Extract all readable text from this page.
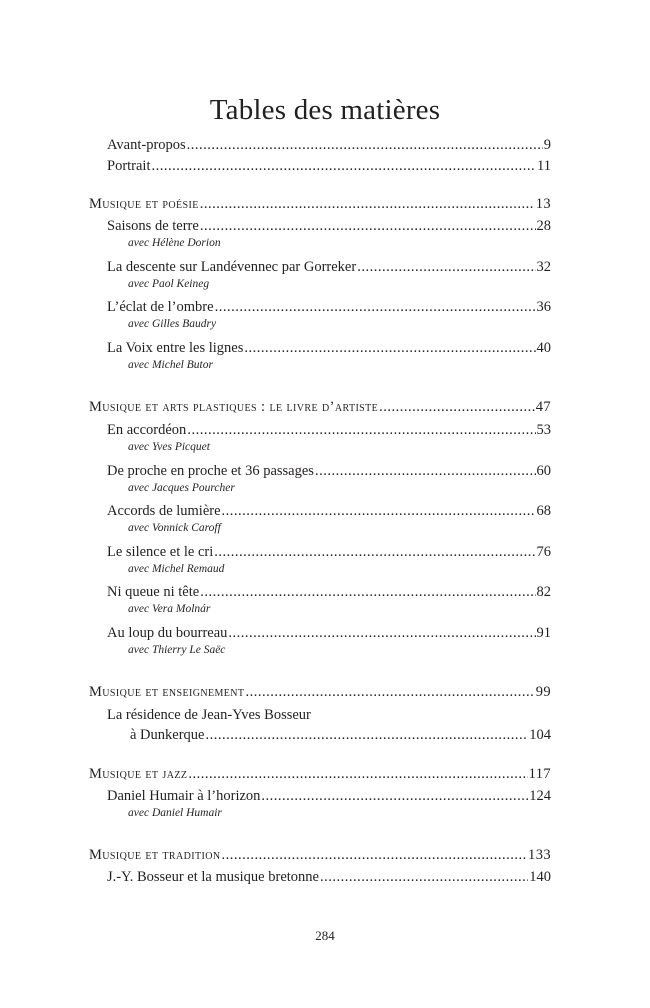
Tables des matières
Avant-propos .....	9
Portrait .....	11
Musique et poésie .....	13
Saisons de terre .....	28
avec Hélène Dorion
La descente sur Landévennec par Gorreker .....	32
avec Paol Keineg
L’éclat de l’ombre .....	36
avec Gilles Baudry
La Voix entre les lignes .....	40
avec Michel Butor
Musique et arts plastiques : le livre d’artiste .....	47
En accordéon .....	53
avec Yves Picquet
De proche en proche et 36 passages .....	60
avec Jacques Pourcher
Accords de lumière .....	68
avec Vonnick Caroff
Le silence et le cri .....	76
avec Michel Remaud
Ni queue ni tête .....	82
avec Vera Molnár
Au loup du bourreau .....	91
avec Thierry Le Saëc
Musique et enseignement .....	99
La résidence de Jean-Yves Bosseur
à Dunkerque .....	104
Musique et jazz .....	117
Daniel Humair à l’horizon .....	124
avec Daniel Humair
Musique et tradition .....	133
J.-Y. Bosseur et la musique bretonne .....	140
284
